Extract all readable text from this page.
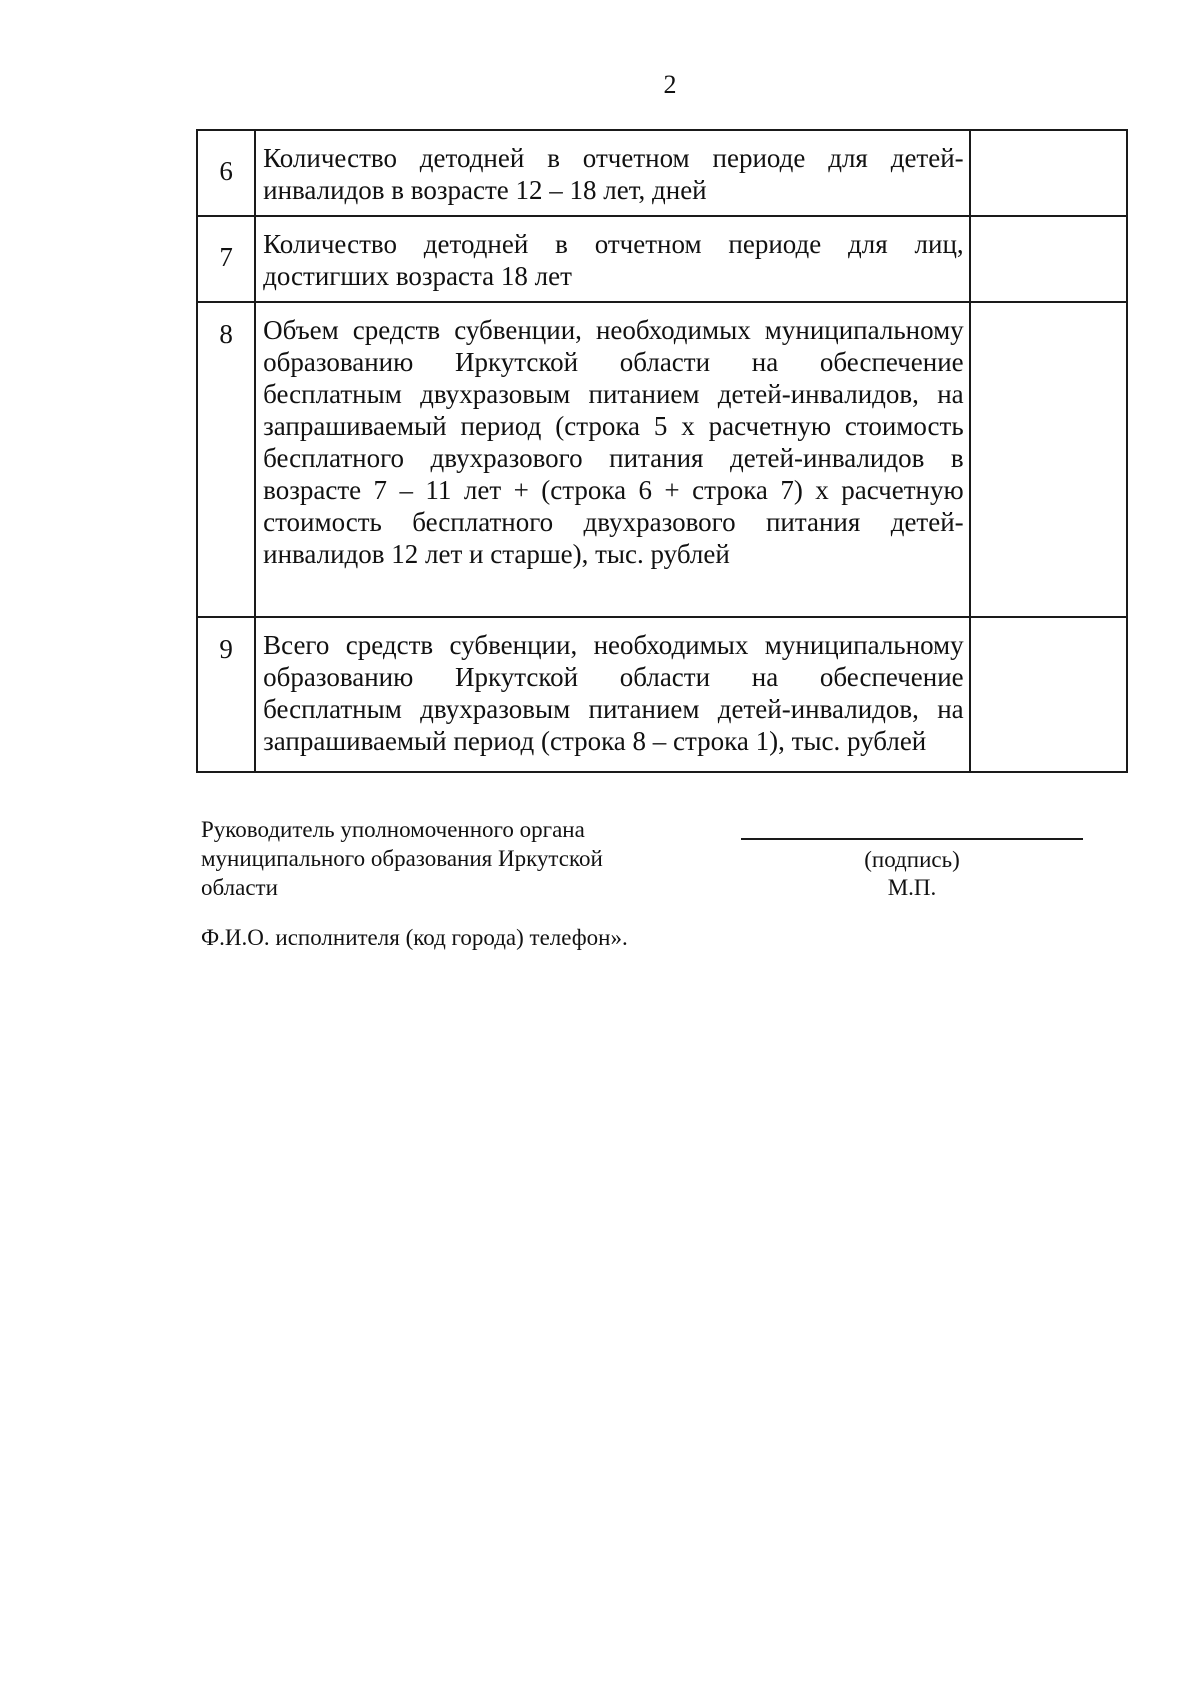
2
6	Количество детодней в отчетном периоде для детей-инвалидов в возрасте 12 – 18 лет, дней	
7	Количество детодней в отчетном периоде для лиц, достигших возраста 18 лет	
8	Объем средств субвенции, необходимых муниципальному образованию Иркутской области на обеспечение бесплатным двухразовым питанием детей-инвалидов, на запрашиваемый период (строка 5 х расчетную стоимость бесплатного двухразового питания детей-инвалидов в возрасте 7 – 11 лет + (строка 6 + строка 7) х расчетную стоимость бесплатного двухразового питания детей-инвалидов 12 лет и старше), тыс. рублей	
9	Всего средств субвенции, необходимых муниципальному образованию Иркутской области на обеспечение бесплатным двухразовым питанием детей-инвалидов, на запрашиваемый период (строка 8 – строка 1), тыс. рублей	
Руководитель уполномоченного органа
муниципального образования Иркутской
области
(подпись)
М.П.
Ф.И.О. исполнителя (код города) телефон».
